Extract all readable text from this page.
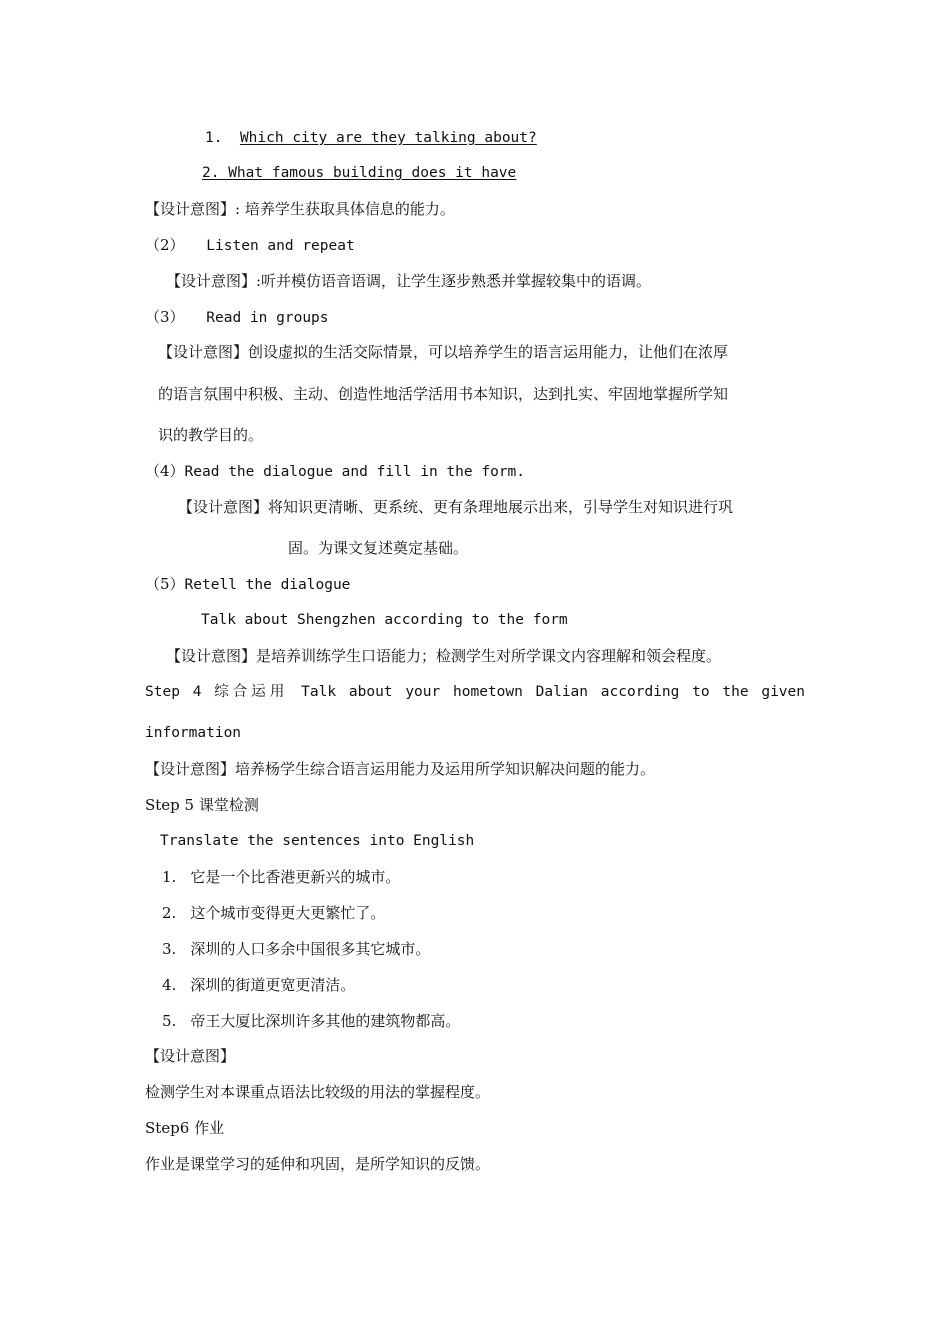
1. Which city are they talking about?
2. What famous building does it have
【设计意图】: 培养学生获取具体信息的能力。
（2） Listen and repeat
【设计意图】:听并模仿语音语调，让学生逐步熟悉并掌握较集中的语调。
（3） Read in groups
【设计意图】创设虚拟的生活交际情景，可以培养学生的语言运用能力，让他们在浓厚
的语言氛围中积极、主动、创造性地活学活用书本知识，达到扎实、牢固地掌握所学知
识的教学目的。
（4）Read the dialogue and fill in the form.
【设计意图】将知识更清晰、更系统、更有条理地展示出来，引导学生对知识进行巩
固。为课文复述奠定基础。
（5）Retell the dialogue
Talk about Shengzhen according to the form
【设计意图】是培养训练学生口语能力；检测学生对所学课文内容理解和领会程度。
Step 4 综合运用 Talk about your hometown Dalian according to the given
information
【设计意图】培养杨学生综合语言运用能力及运用所学知识解决问题的能力。
Step 5 课堂检测
Translate the sentences into English
1. 它是一个比香港更新兴的城市。
2. 这个城市变得更大更繁忙了。
3. 深圳的人口多余中国很多其它城市。
4. 深圳的街道更宽更清洁。
5. 帝王大厦比深圳许多其他的建筑物都高。
【设计意图】
检测学生对本课重点语法比较级的用法的掌握程度。
Step6 作业
作业是课堂学习的延伸和巩固，是所学知识的反馈。
